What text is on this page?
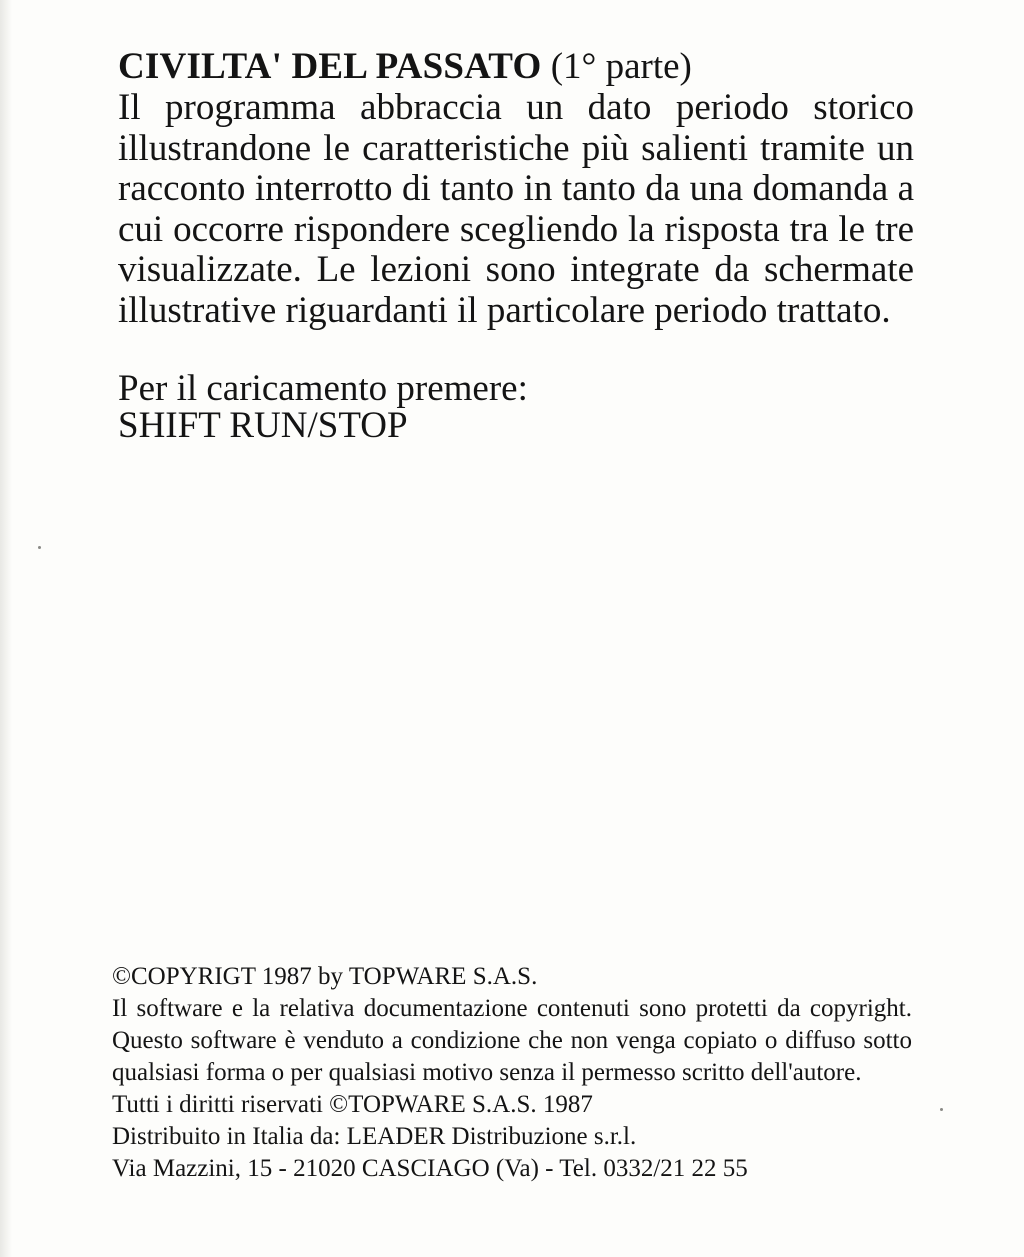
CIVILTA' DEL PASSATO (1° parte)

Il programma abbraccia un dato periodo storico illustrandone le caratteristiche più salienti tramite un racconto interrotto di tanto in tanto da una domanda a cui occorre rispondere scegliendo la risposta tra le tre visualizzate. Le lezioni sono integrate da schermate illustrative riguardanti il particolare periodo trattato.

Per il caricamento premere:
SHIFT RUN/STOP
©COPYRIGT 1987 by TOPWARE S.A.S.
Il software e la relativa documentazione contenuti sono protetti da copyright. Questo software è venduto a condizione che non venga copiato o diffuso sotto qualsiasi forma o per qualsiasi motivo senza il permesso scritto dell'autore.
Tutti i diritti riservati ©TOPWARE S.A.S. 1987
Distribuito in Italia da: LEADER Distribuzione s.r.l.
Via Mazzini, 15 - 21020 CASCIAGO (Va) - Tel. 0332/21 22 55
